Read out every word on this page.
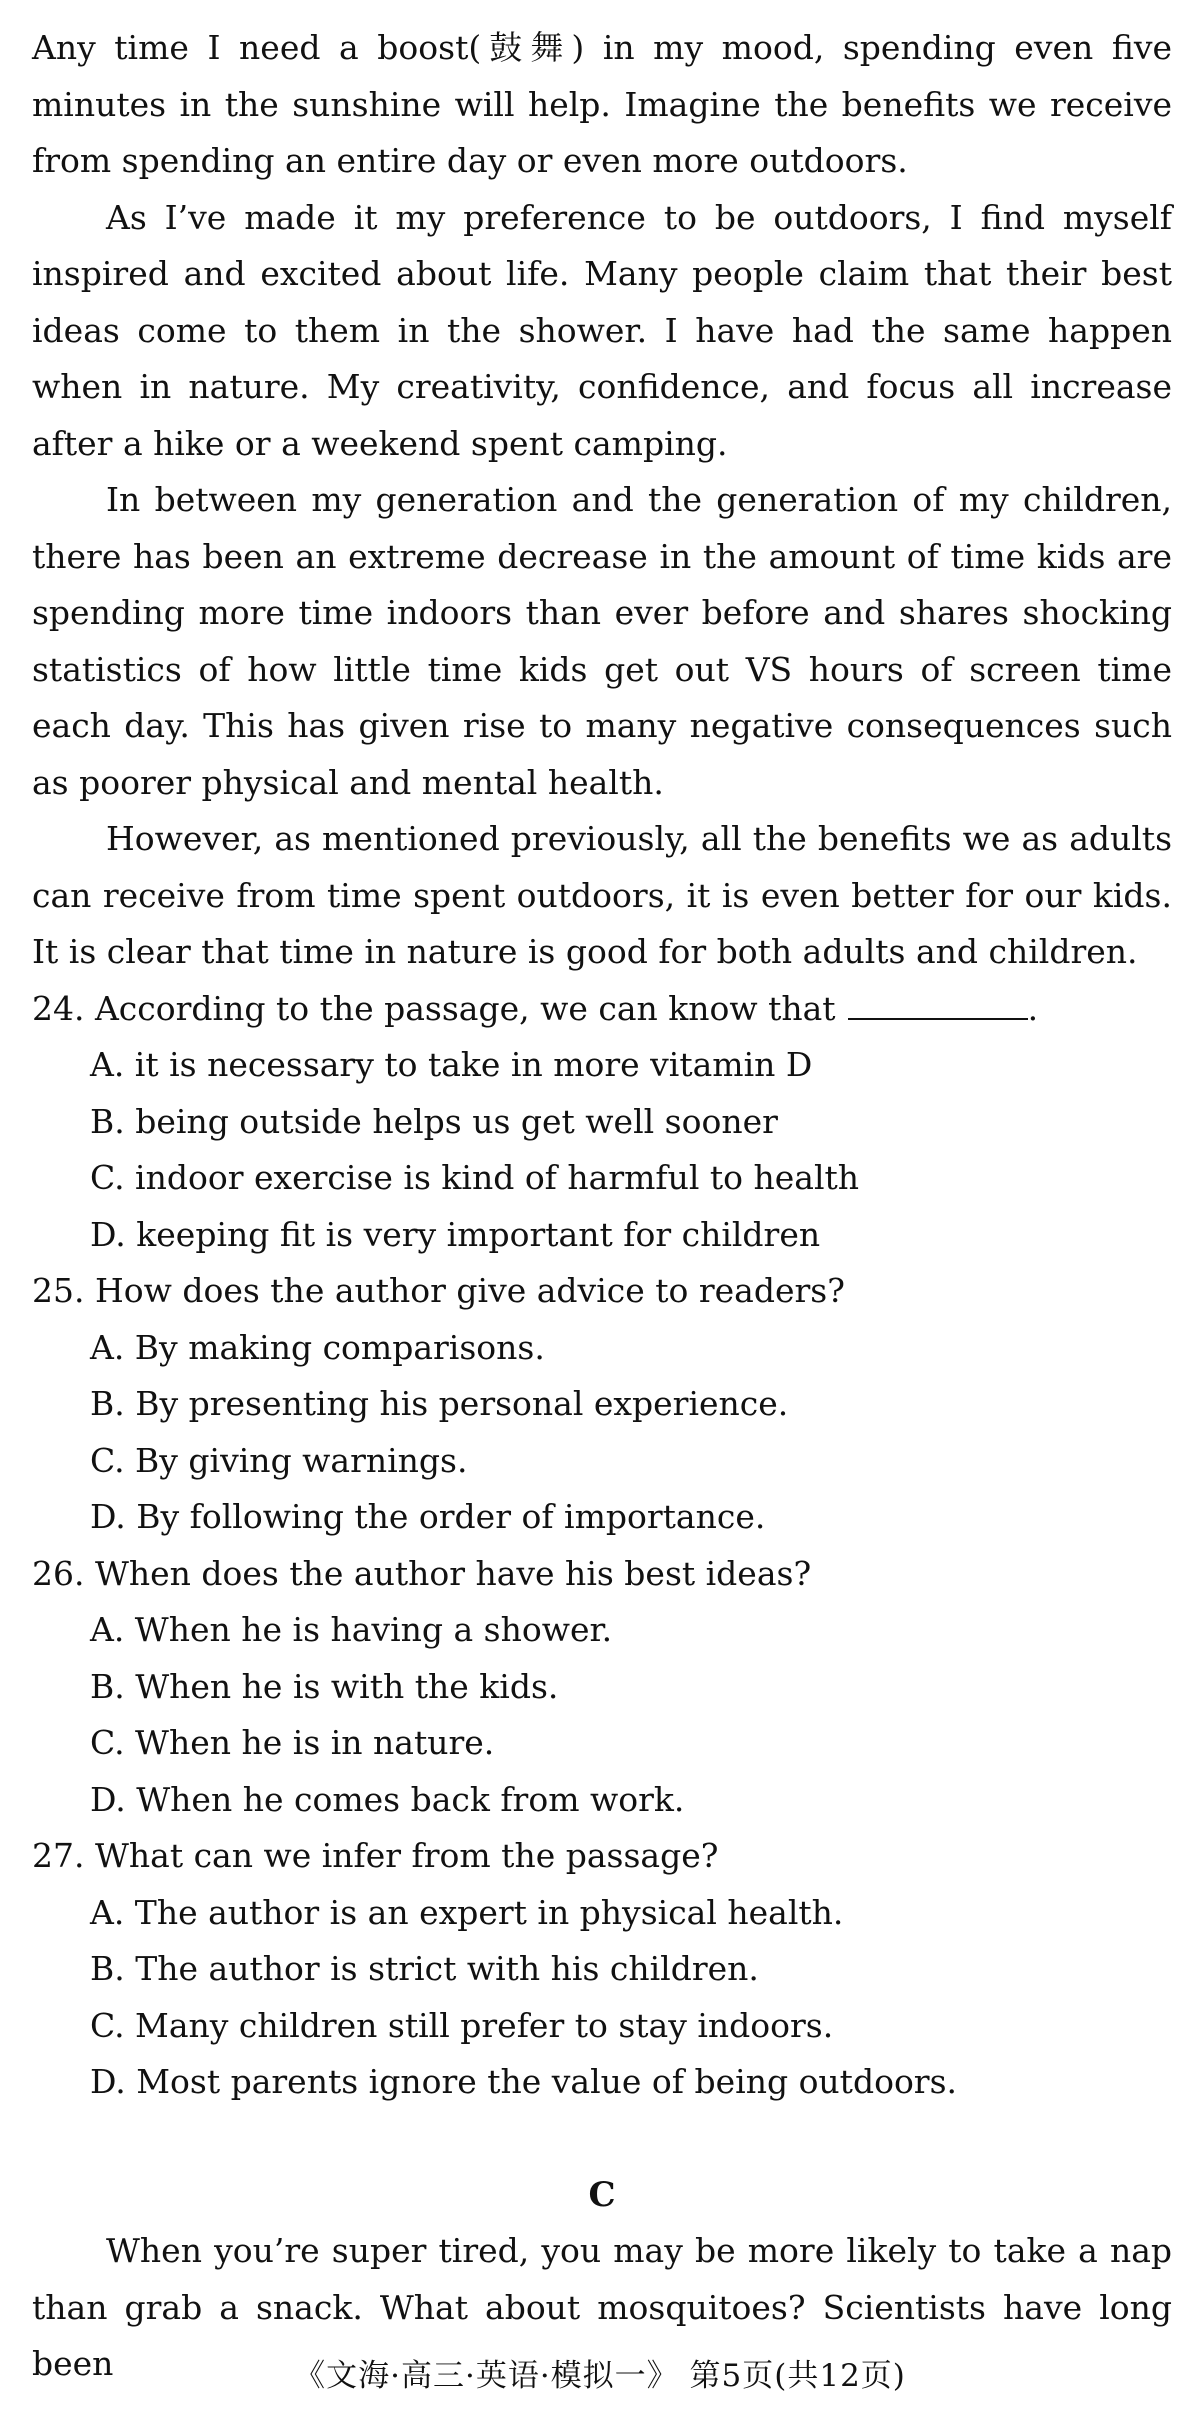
Any time I need a boost(鼓舞) in my mood, spending even five minutes in the sunshine will help. Imagine the benefits we receive from spending an entire day or even more outdoors.

As I’ve made it my preference to be outdoors, I find myself inspired and excited about life. Many people claim that their best ideas come to them in the shower. I have had the same happen when in nature. My creativity, confidence, and focus all increase after a hike or a weekend spent camping.

In between my generation and the generation of my children, there has been an extreme decrease in the amount of time kids are spending more time indoors than ever before and shares shocking statistics of how little time kids get out VS hours of screen time each day. This has given rise to many negative consequences such as poorer physical and mental health.

However, as mentioned previously, all the benefits we as adults can receive from time spent outdoors, it is even better for our kids. It is clear that time in nature is good for both adults and children.

24. According to the passage, we can know that	.

A. it is necessary to take in more vitamin D

B. being outside helps us get well sooner

C. indoor exercise is kind of harmful to health

D. keeping fit is very important for children

25. How does the author give advice to readers?

A. By making comparisons.

B. By presenting his personal experience.

C. By giving warnings.

D. By following the order of importance.

26. When does the author have his best ideas?

A. When he is having a shower.

B. When he is with the kids.

C. When he is in nature.

D. When he comes back from work.

27. What can we infer from the passage?

A. The author is an expert in physical health.

B. The author is strict with his children.

C. Many children still prefer to stay indoors.

D. Most parents ignore the value of being outdoors.

C

When you’re super tired, you may be more likely to take a nap than grab a snack. What about mosquitoes? Scientists have long been	《文海·高三·英语·模拟一》 第5页(共12页)
